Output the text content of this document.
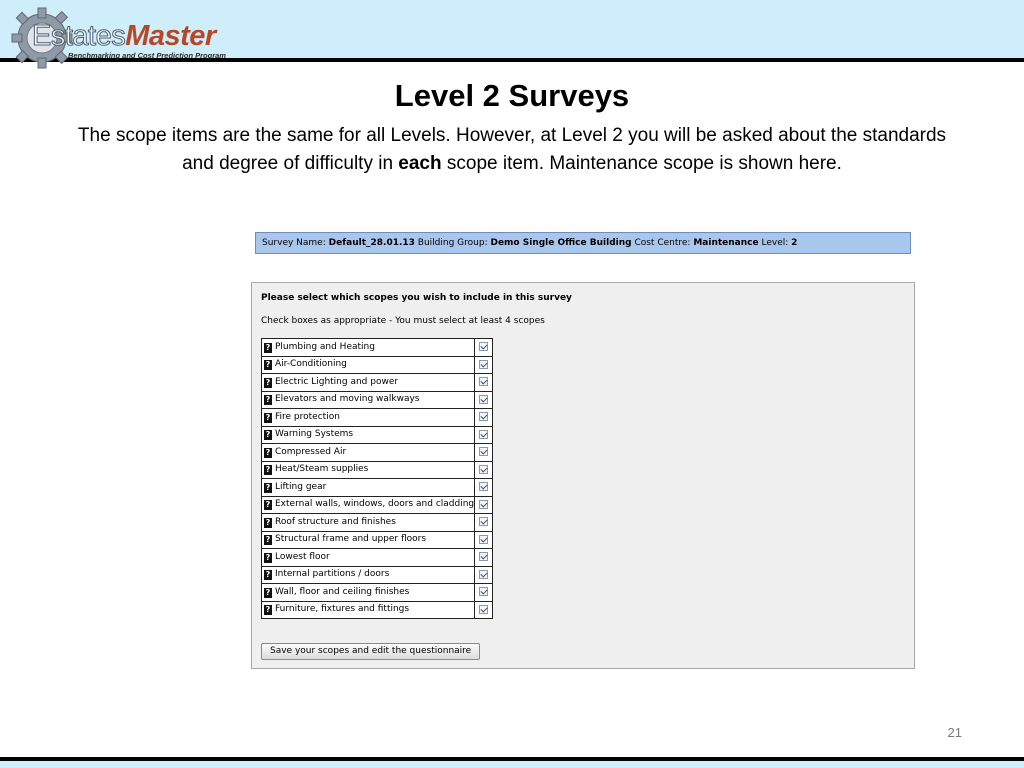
EstatesMaster
Benchmarking and Cost Prediction Program
Level 2 Surveys
The scope items are the same for all Levels. However, at Level 2 you will be asked about the standards and degree of difficulty in each scope item. Maintenance scope is shown here.
Survey Name: Default_28.01.13 Building Group: Demo Single Office Building Cost Centre: Maintenance Level: 2
Please select which scopes you wish to include in this survey
Check boxes as appropriate - You must select at least 4 scopes
? Plumbing and Heating	
? Air-Conditioning	
? Electric Lighting and power	
? Elevators and moving walkways	
? Fire protection	
? Warning Systems	
? Compressed Air	
? Heat/Steam supplies	
? Lifting gear	
? External walls, windows, doors and cladding	
? Roof structure and finishes	
? Structural frame and upper floors	
? Lowest floor	
? Internal partitions / doors	
? Wall, floor and ceiling finishes	
? Furniture, fixtures and fittings	
Save your scopes and edit the questionnaire
21
